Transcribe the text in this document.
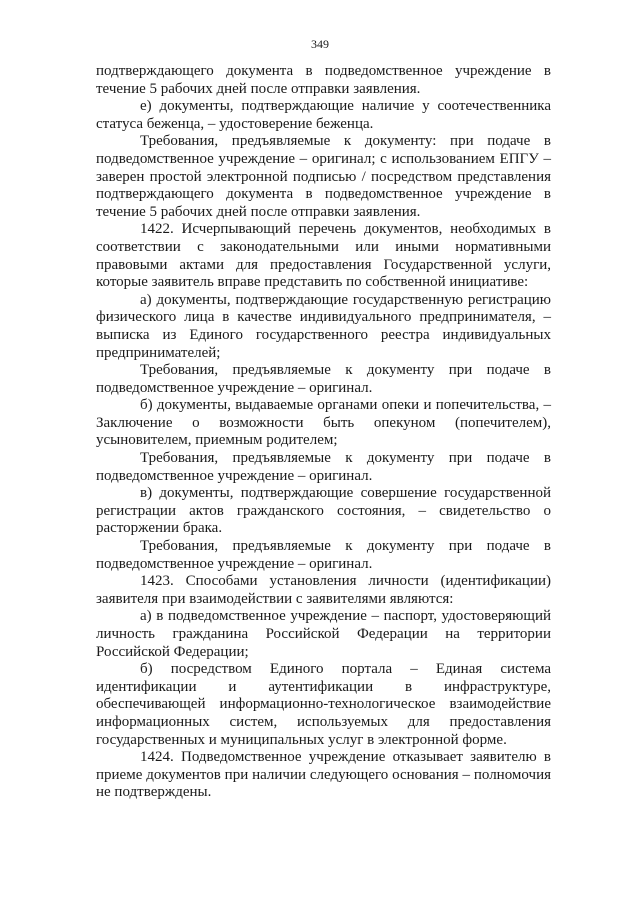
349

подтверждающего документа в подведомственное учреждение в течение 5 рабочих дней после отправки заявления.

е) документы, подтверждающие наличие у соотечественника статуса беженца, – удостоверение беженца.

Требования, предъявляемые к документу: при подаче в подведомственное учреждение – оригинал; с использованием ЕПГУ – заверен простой электронной подписью / посредством представления подтверждающего документа в подведомственное учреждение в течение 5 рабочих дней после отправки заявления.

1422. Исчерпывающий перечень документов, необходимых в соответствии с законодательными или иными нормативными правовыми актами для предоставления Государственной услуги, которые заявитель вправе представить по собственной инициативе:

а) документы, подтверждающие государственную регистрацию физического лица в качестве индивидуального предпринимателя, – выписка из Единого государственного реестра индивидуальных предпринимателей;

Требования, предъявляемые к документу при подаче в подведомственное учреждение – оригинал.

б) документы, выдаваемые органами опеки и попечительства, – Заключение о возможности быть опекуном (попечителем), усыновителем, приемным родителем;

Требования, предъявляемые к документу при подаче в подведомственное учреждение – оригинал.

в) документы, подтверждающие совершение государственной регистрации актов гражданского состояния, – свидетельство о расторжении брака.

Требования, предъявляемые к документу при подаче в подведомственное учреждение – оригинал.

1423. Способами установления личности (идентификации) заявителя при взаимодействии с заявителями являются:

а) в подведомственное учреждение – паспорт, удостоверяющий личность гражданина Российской Федерации на территории Российской Федерации;

б) посредством Единого портала – Единая система идентификации и аутентификации в инфраструктуре, обеспечивающей информационно-технологическое взаимодействие информационных систем, используемых для предоставления государственных и муниципальных услуг в электронной форме.

1424. Подведомственное учреждение отказывает заявителю в приеме документов при наличии следующего основания – полномочия не подтверждены.
